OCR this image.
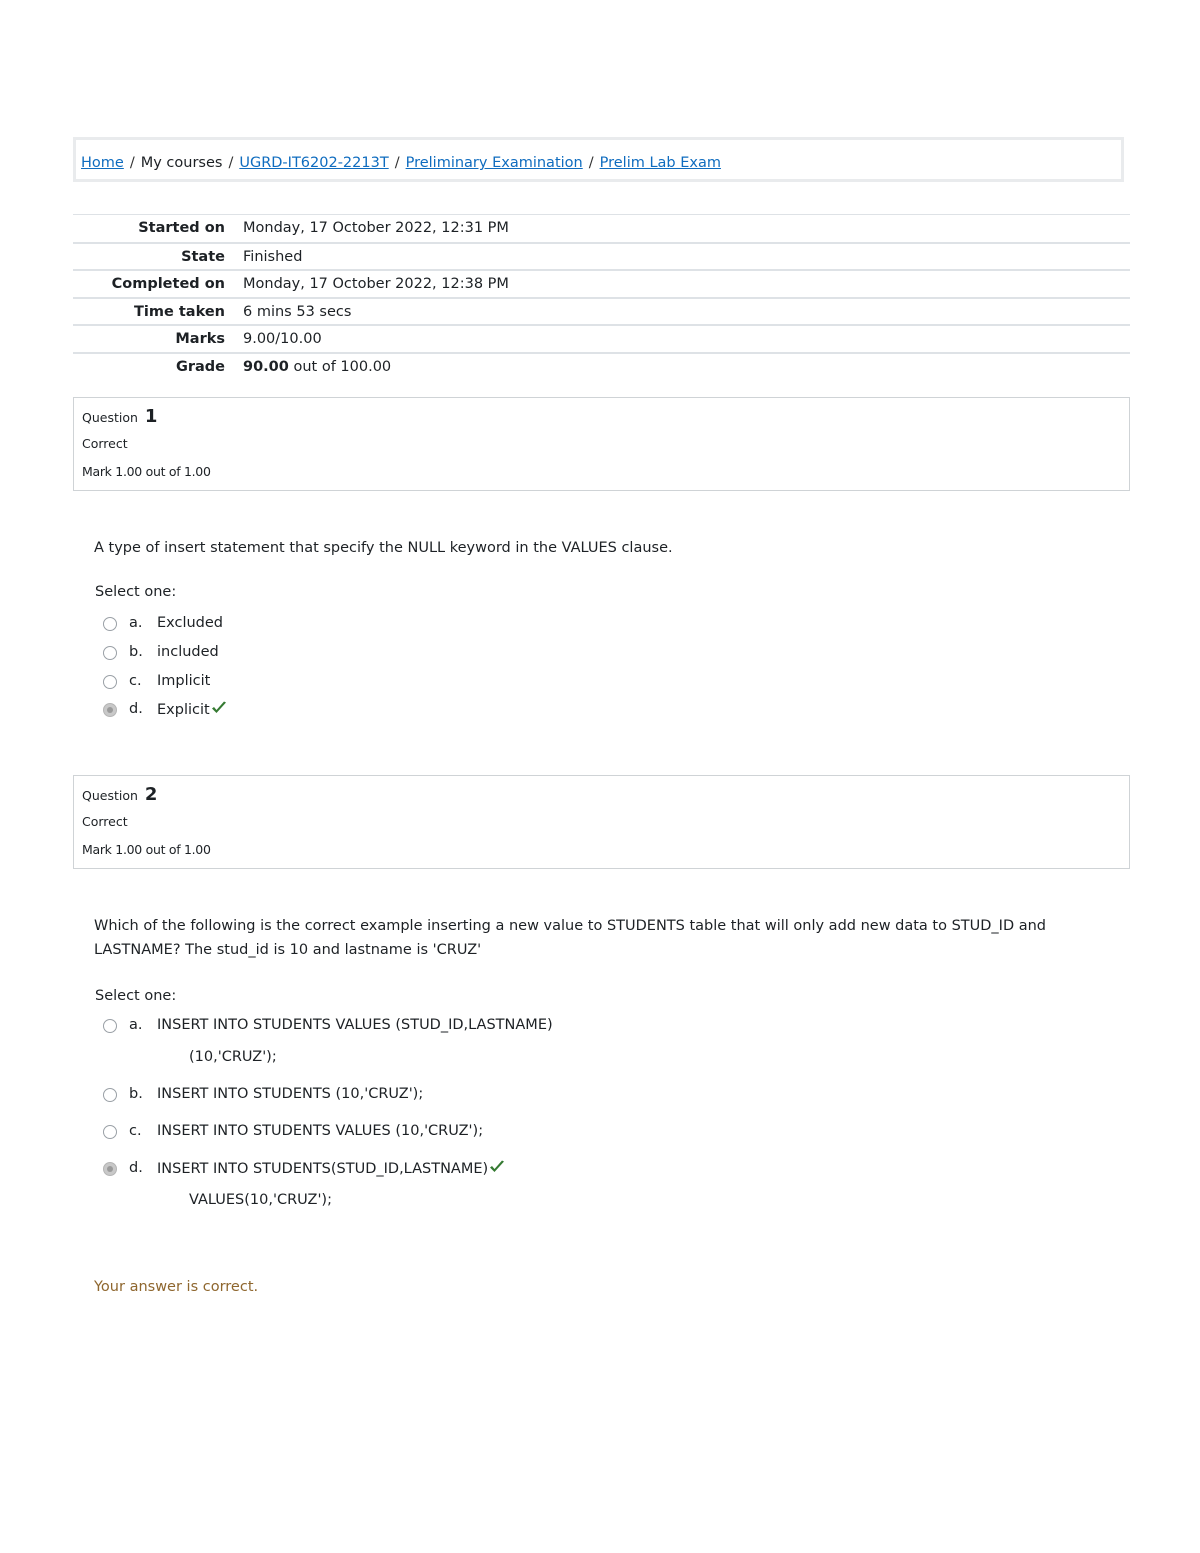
Home / My courses / UGRD-IT6202-2213T / Preliminary Examination / Prelim Lab Exam
Started on Monday, 17 October 2022, 12:31 PM
State Finished
Completed on Monday, 17 October 2022, 12:38 PM
Time taken 6 mins 53 secs
Marks 9.00/10.00
Grade 90.00 out of 100.00
Question 1
Correct
Mark 1.00 out of 1.00
A type of insert statement that specify the NULL keyword in the VALUES clause.
Select one:
a. Excluded
b. included
c. Implicit
d. Explicit
Question 2
Correct
Mark 1.00 out of 1.00
Which of the following is the correct example inserting a new value to STUDENTS table that will only add new data to STUD_ID and LASTNAME? The stud_id is 10 and lastname is 'CRUZ'
Select one:
a. INSERT INTO STUDENTS VALUES (STUD_ID,LASTNAME)
(10,'CRUZ');
b. INSERT INTO STUDENTS (10,'CRUZ');
c. INSERT INTO STUDENTS VALUES (10,'CRUZ');
d. INSERT INTO STUDENTS(STUD_ID,LASTNAME)
VALUES(10,'CRUZ');
Your answer is correct.
